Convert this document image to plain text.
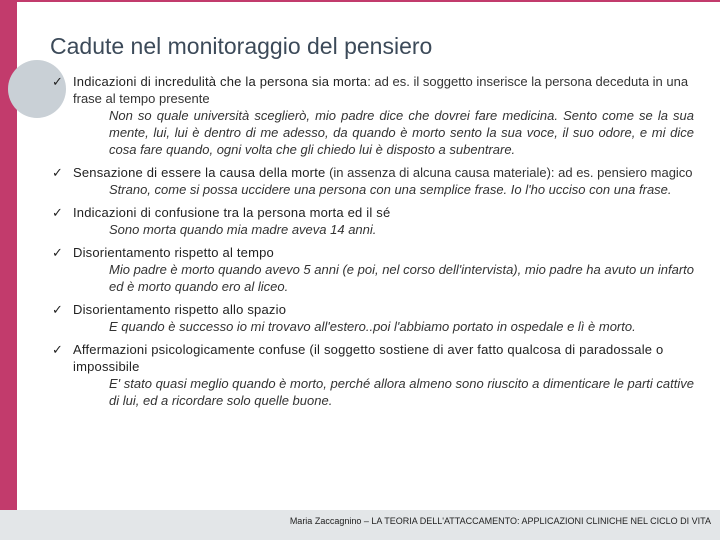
Cadute nel monitoraggio del pensiero
✓ Indicazioni di incredulità che la persona sia morta: ad es. il soggetto inserisce la persona deceduta in una frase al tempo presente
Non so quale università sceglierò, mio padre dice che dovrei fare medicina. Sento come se la sua mente, lui, lui è dentro di me adesso, da quando è morto sento la sua voce, il suo odore, e mi dice cosa fare quando, ogni volta che gli chiedo lui è disposto a subentrare.
✓ Sensazione di essere la causa della morte (in assenza di alcuna causa materiale): ad es. pensiero magico
Strano, come si possa uccidere una persona con una semplice frase. Io l'ho ucciso con una frase.
✓ Indicazioni di confusione tra la persona morta ed il sé
Sono morta quando mia madre aveva 14 anni.
✓ Disorientamento rispetto al tempo
Mio padre è morto quando avevo 5 anni (e poi, nel corso dell'intervista), mio padre ha avuto un infarto ed è morto quando ero al liceo.
✓ Disorientamento rispetto allo spazio
E quando è successo io mi trovavo all'estero..poi l'abbiamo portato in ospedale e lì è morto.
✓ Affermazioni psicologicamente confuse (il soggetto sostiene di aver fatto qualcosa di paradossale o impossibile
E' stato quasi meglio quando è morto, perché allora almeno sono riuscito a dimenticare le parti cattive di lui, ed a ricordare solo quelle buone.
Maria Zaccagnino – LA TEORIA DELL'ATTACCAMENTO: APPLICAZIONI CLINICHE NEL CICLO DI VITA
